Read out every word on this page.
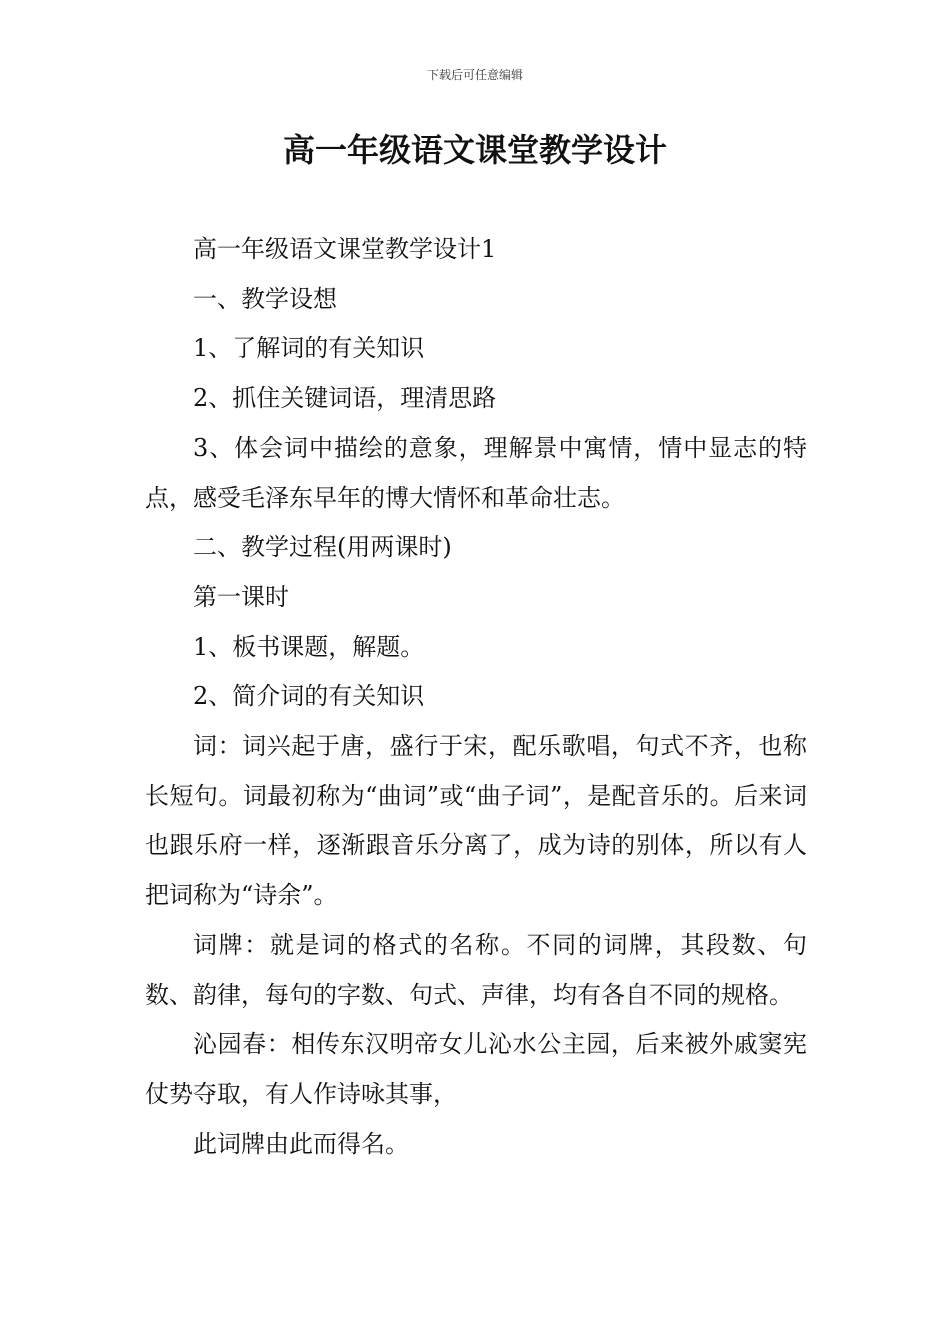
下载后可任意编辑
高一年级语文课堂教学设计

高一年级语文课堂教学设计1

一、教学设想

1、了解词的有关知识

2、抓住关键词语，理清思路

3、体会词中描绘的意象，理解景中寓情，情中显志的特点，感受毛泽东早年的博大情怀和革命壮志。

二、教学过程(用两课时)

第一课时

1、板书课题，解题。

2、简介词的有关知识

词：词兴起于唐，盛行于宋，配乐歌唱，句式不齐，也称长短句。词最初称为“曲词”或“曲子词”，是配音乐的。后来词也跟乐府一样，逐渐跟音乐分离了，成为诗的别体，所以有人把词称为“诗余”。

词牌：就是词的格式的名称。不同的词牌，其段数、句数、韵律，每句的字数、句式、声律，均有各自不同的规格。

沁园春：相传东汉明帝女儿沁水公主园，后来被外戚窦宪仗势夺取，有人作诗咏其事，

此词牌由此而得名。
